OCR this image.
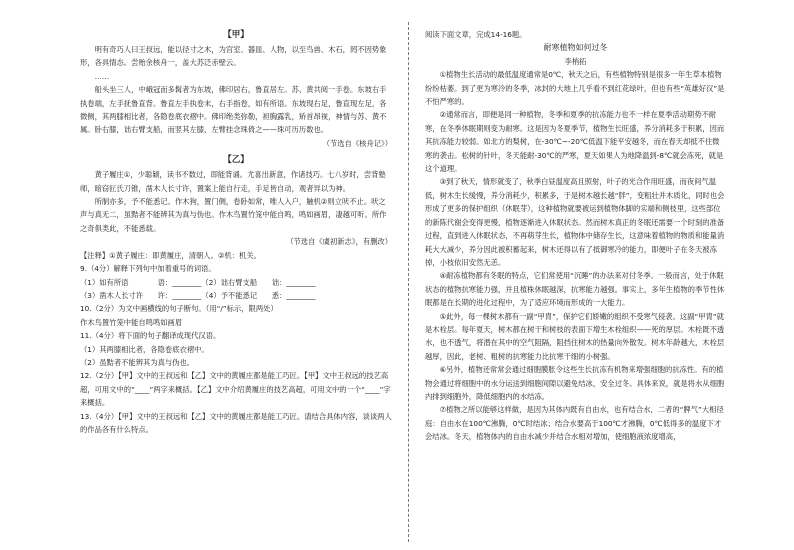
【甲】

明有奇巧人曰王叔远，能以径寸之木，为宫室、器皿、人物，以至鸟兽、木石，罔不因势象形，各具情态。尝贻余核舟一，盖大苏泛赤壁云。

……

船头坐三人，中峨冠而多髯者为东坡，佛印居右，鲁直居左。苏、黄共阅一手卷。东坡右手执卷端，左手抚鲁直背。鲁直左手执卷末，右手指卷，如有所语。东坡现右足，鲁直现左足，各微侧，其两膝相比者，各隐卷底衣褶中。佛印绝类弥勒，袒胸露乳，矫首昂视，神情与苏、黄不属。卧右膝，诎右臂支船，而竖其左膝，左臂挂念珠倚之——珠可历历数也。

（节选自《核舟记》）

【乙】

黄子履庄①，少聪颖，读书不数过，即能背诵。尤喜出新意，作诸技巧。七八岁时，尝背塾师，暗窃匠氏刀锥，凿木人长寸许，置案上能自行走，手足皆自动，观者异以为神。

所制亦多，予不能悉记。作木狗，置门侧，卷卧如常，唯人入户，触机②则立吠不止。吠之声与真无二，虽黠者不能辨其为真与伪也。作木鸟置竹笼中能自鸣，鸣如画眉，凄越可听。所作之奇俱类此，不能悉载。

（节选自《虞初新志》，有删改）

【注释】①黄子履庄：即黄履庄，清朝人。②机：机关。

9.（4分）解释下列句中加着重号的词语。

（1）如有所语　　　　语：________（2）诎右臂支船　　诎：________

（3）凿木人长寸许　　许：________（4）予不能悉记　　悉：________

10.（2分）为文中画横线的句子断句。（用“/”标示，限两处）

作木鸟置竹笼中能自鸣鸣如画眉

11.（4分）将下面的句子翻译成现代汉语。

（1）其两膝相比者，各隐卷底衣褶中。

（2）虽黠者不能辨其为真与伪也。

12.（2分）【甲】文中的王叔远和【乙】文中的黄履庄都是能工巧匠。【甲】文中王叔远的技艺高超，可用文中的“____”两字来概括。【乙】文中介绍黄履庄的技艺高超，可用文中的一个“____”字来概括。

13.（4分）【甲】文中的王叔远和【乙】文中的黄履庄都是能工巧匠。请结合具体内容，谈谈两人的作品各有什么特点。

阅读下面文章，完成14-16题。

耐寒植物如何过冬

李梢拓

①植物生长活动的最低温度通常是0℃，秋天之后，有些植物特别是很多一年生草本植物纷纷枯萎。到了更为寒冷的冬季，冰封的大地上几乎看不到红花绿叶，但也有些“英雄好汉”是不怕严寒的。

②通常而言，即便是同一种植物，冬季和夏季的抗冻能力也不一样在夏季活动期势不耐寒，在冬季休眠期则变为耐寒。这是因为冬夏季节，植物生长旺盛，养分消耗多于积累，因而其抗冻能力较弱。如北方的梨树，在-30℃~-20℃低温下能平安越冬，而在春天却抵不住微寒的袭击。松树的针叶，冬天能耐-30℃的严寒，夏天如果人为地降温到-8℃就会冻死，就是这个道理。

③到了秋天，情形就变了，秋季白昼温度高且照射，叶子的光合作用旺盛，而夜间气温低，树木生长缓慢，养分消耗少，积累多，于是树木越长越“胖”，变粗壮并木质化，同时也会形成了更多的保护组织（休眠芽），这种植物就要被运到植物体脚的实端和侧枝里，这些部位的新陈代谢会变得更慢，植物逐渐进入休眠状态。然而树木真正的冬眠还需要一个时刻的准备过程，直到进入休眠状态，不再萌芽生长，植物体中储存生长，这意味着植物的物质和能量消耗大大减少，养分因此被积蓄起来，树木还得以有了抵御寒冷的能力，即便叶子在冬天被冻掉，小枝依旧安然无恙。

④耐冻植物都有冬眠的特点，它们常使用“沉睡”的办法来对付冬季。一般而言，处于休眠状态的植物抗寒能力强，并且植株休眠越深，抗寒能力越强。事实上，多年生植物的季节性休眠都是在长期的进化过程中，为了适应环境而形成的一大能力。

⑤此外，每一棵树木都有一副“甲胄”，保护它们娇嫩的组织不受寒气侵袭。这副“甲胄”就是木栓层。每年夏天，树木都在树干和树枝的表面下增生木栓组织——死的厚层。木栓既不透水，也不透气，将潜在其中的空气阻隔，阻挡住树木的热量向外散发。树木年龄越大，木栓层越厚，因此，老树、粗树的抗寒能力比抗寒干细的小树强。

⑥另外，植物还常常会通过细胞膜胀令这些生长抗冻有机物来增强细胞的抗冻性。有的植物会通过将细胞中的水分运送到细胞间隙以避免结冰，安全过冬。具体来说，就是将水从细胞内排到细胞外，降低细胞内的水结冻。

⑦植物之所以能够这样做，是因为其体内既有自由水，也有结合水，二者的“脾气”大相径庭：自由水在100℃沸腾，0℃时结冰；结合水要高于100℃才沸腾，0℃低得多的温度下才会结冰。冬天，植物体内的自由水减少并结合水相对增加，使细胞液浓度增高，
